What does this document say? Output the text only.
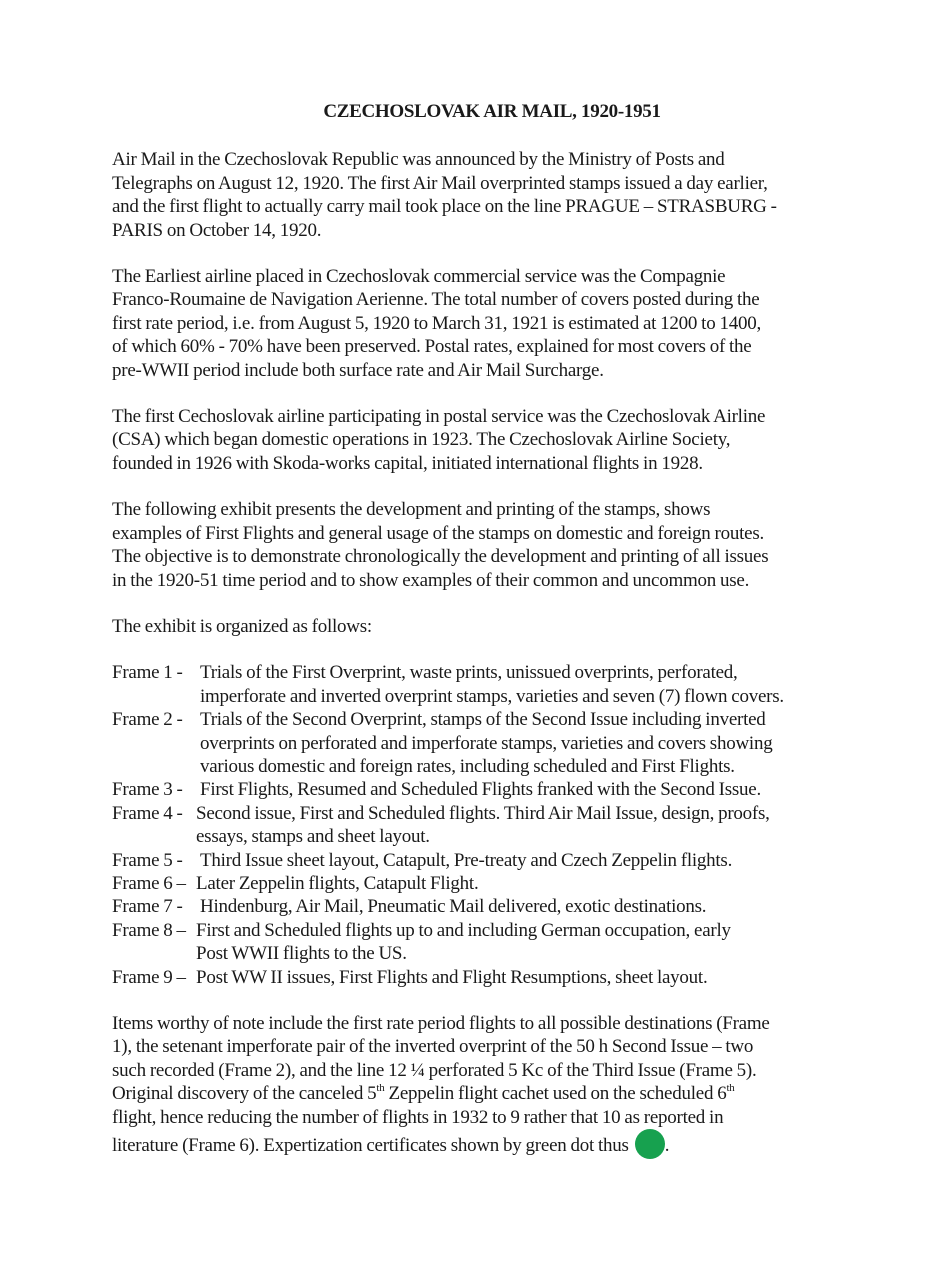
CZECHOSLOVAK AIR MAIL, 1920-1951

Air Mail in the Czechoslovak Republic was announced by the Ministry of Posts and

Telegraphs on August 12, 1920. The first Air Mail overprinted stamps issued a day earlier,

and the first flight to actually carry mail took place on the line PRAGUE – STRASBURG -

PARIS on October 14, 1920.

The Earliest airline placed in Czechoslovak commercial service was the Compagnie

Franco-Roumaine de Navigation Aerienne. The total number of covers posted during the

first rate period, i.e. from August 5, 1920 to March 31, 1921 is estimated at 1200 to 1400,

of which 60% - 70% have been preserved. Postal rates, explained for most covers of the

pre-WWII period include both surface rate and Air Mail Surcharge.

The first Cechoslovak airline participating in postal service was the Czechoslovak Airline

(CSA) which began domestic operations in 1923. The Czechoslovak Airline Society,

founded in 1926 with Skoda-works capital, initiated international flights in 1928.

The following exhibit presents the development and printing of the stamps, shows

examples of First Flights and general usage of the stamps on domestic and foreign routes.

The objective is to demonstrate chronologically the development and printing of all issues

in the 1920-51 time period and to show examples of their common and uncommon use.

The exhibit is organized as follows:

Frame 1 - Trials of the First Overprint, waste prints, unissued overprints, perforated,
imperforate and inverted overprint stamps, varieties and seven (7) flown covers.
Frame 2 - Trials of the Second Overprint, stamps of the Second Issue including inverted
overprints on perforated and imperforate stamps, varieties and covers showing
various domestic and foreign rates, including scheduled and First Flights.
Frame 3 - First Flights, Resumed and Scheduled Flights franked with the Second Issue.
Frame 4 - Second issue, First and Scheduled flights. Third Air Mail Issue, design, proofs,
essays, stamps and sheet layout.
Frame 5 - Third Issue sheet layout, Catapult, Pre-treaty and Czech Zeppelin flights.
Frame 6 – Later Zeppelin flights, Catapult Flight.
Frame 7 - Hindenburg, Air Mail, Pneumatic Mail delivered, exotic destinations.
Frame 8 – First and Scheduled flights up to and including German occupation, early
Post WWII flights to the US.
Frame 9 – Post WW II issues, First Flights and Flight Resumptions, sheet layout.

Items worthy of note include the first rate period flights to all possible destinations (Frame

1), the setenant imperforate pair of the inverted overprint of the 50 h Second Issue – two

such recorded (Frame 2), and the line 12 ¼ perforated 5 Kc of the Third Issue (Frame 5).

Original discovery of the canceled 5th Zeppelin flight cachet used on the scheduled 6th

flight, hence reducing the number of flights in 1932 to 9 rather that 10 as reported in

literature (Frame 6). Expertization certificates shown by green dot thus .
